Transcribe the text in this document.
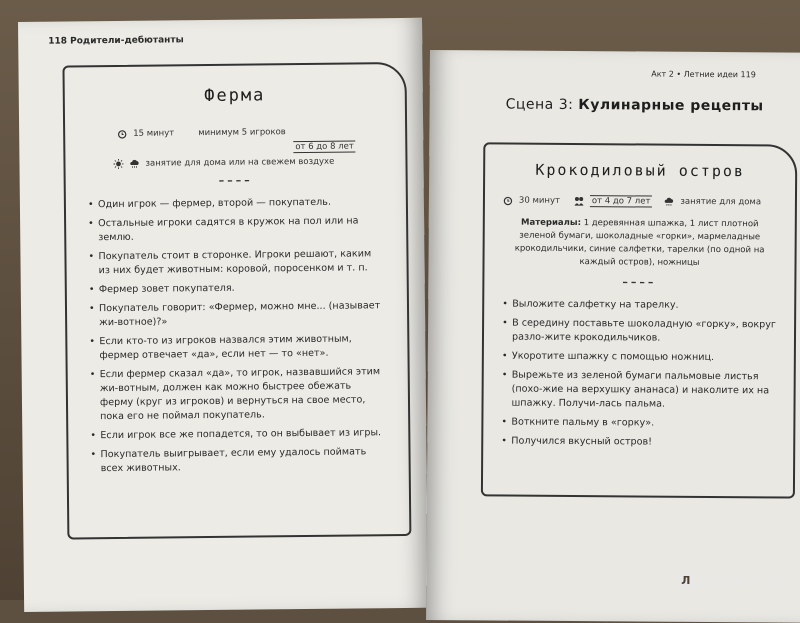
118 Родители-дебютанты
Ферма
15 минут	минимум 5 игроков
от 6 до 8 лет
занятие для дома или на свежем воздухе
––––
• Один игрок — фермер, второй — покупатель.
• Остальные игроки садятся в кружок на пол или на землю.
• Покупатель стоит в сторонке. Игроки решают, каким из них будет животным: коровой, поросенком и т. п.
• Фермер зовет покупателя.
• Покупатель говорит: «Фермер, можно мне... (называет жи-вотное)?»
• Если кто-то из игроков назвался этим животным, фермер отвечает «да», если нет — то «нет».
• Если фермер сказал «да», то игрок, назвавшийся этим жи-вотным, должен как можно быстрее обежать ферму (круг из игроков) и вернуться на свое место, пока его не поймал покупатель.
• Если игрок все же попадется, то он выбывает из игры.
• Покупатель выигрывает, если ему удалось поймать всех животных.
Акт 2 • Летние идеи 119
Сцена 3: Кулинарные рецепты
Крокодиловый остров
30 минут	от 4 до 7 лет	занятие для дома
Материалы: 1 деревянная шпажка, 1 лист плотной зеленой бумаги, шоколадные «горки», мармеладные крокодильчики, синие салфетки, тарелки (по одной на каждый остров), ножницы
––––
• Выложите салфетку на тарелку.
• В середину поставьте шоколадную «горку», вокруг разло-жите крокодильчиков.
• Укоротите шпажку с помощью ножниц.
• Вырежьте из зеленой бумаги пальмовые листья (похо-жие на верхушку ананаса) и наколите их на шпажку. Получи-лась пальма.
• Воткните пальму в «горку».
• Получился вкусный остров!
Л абиринт.ру
